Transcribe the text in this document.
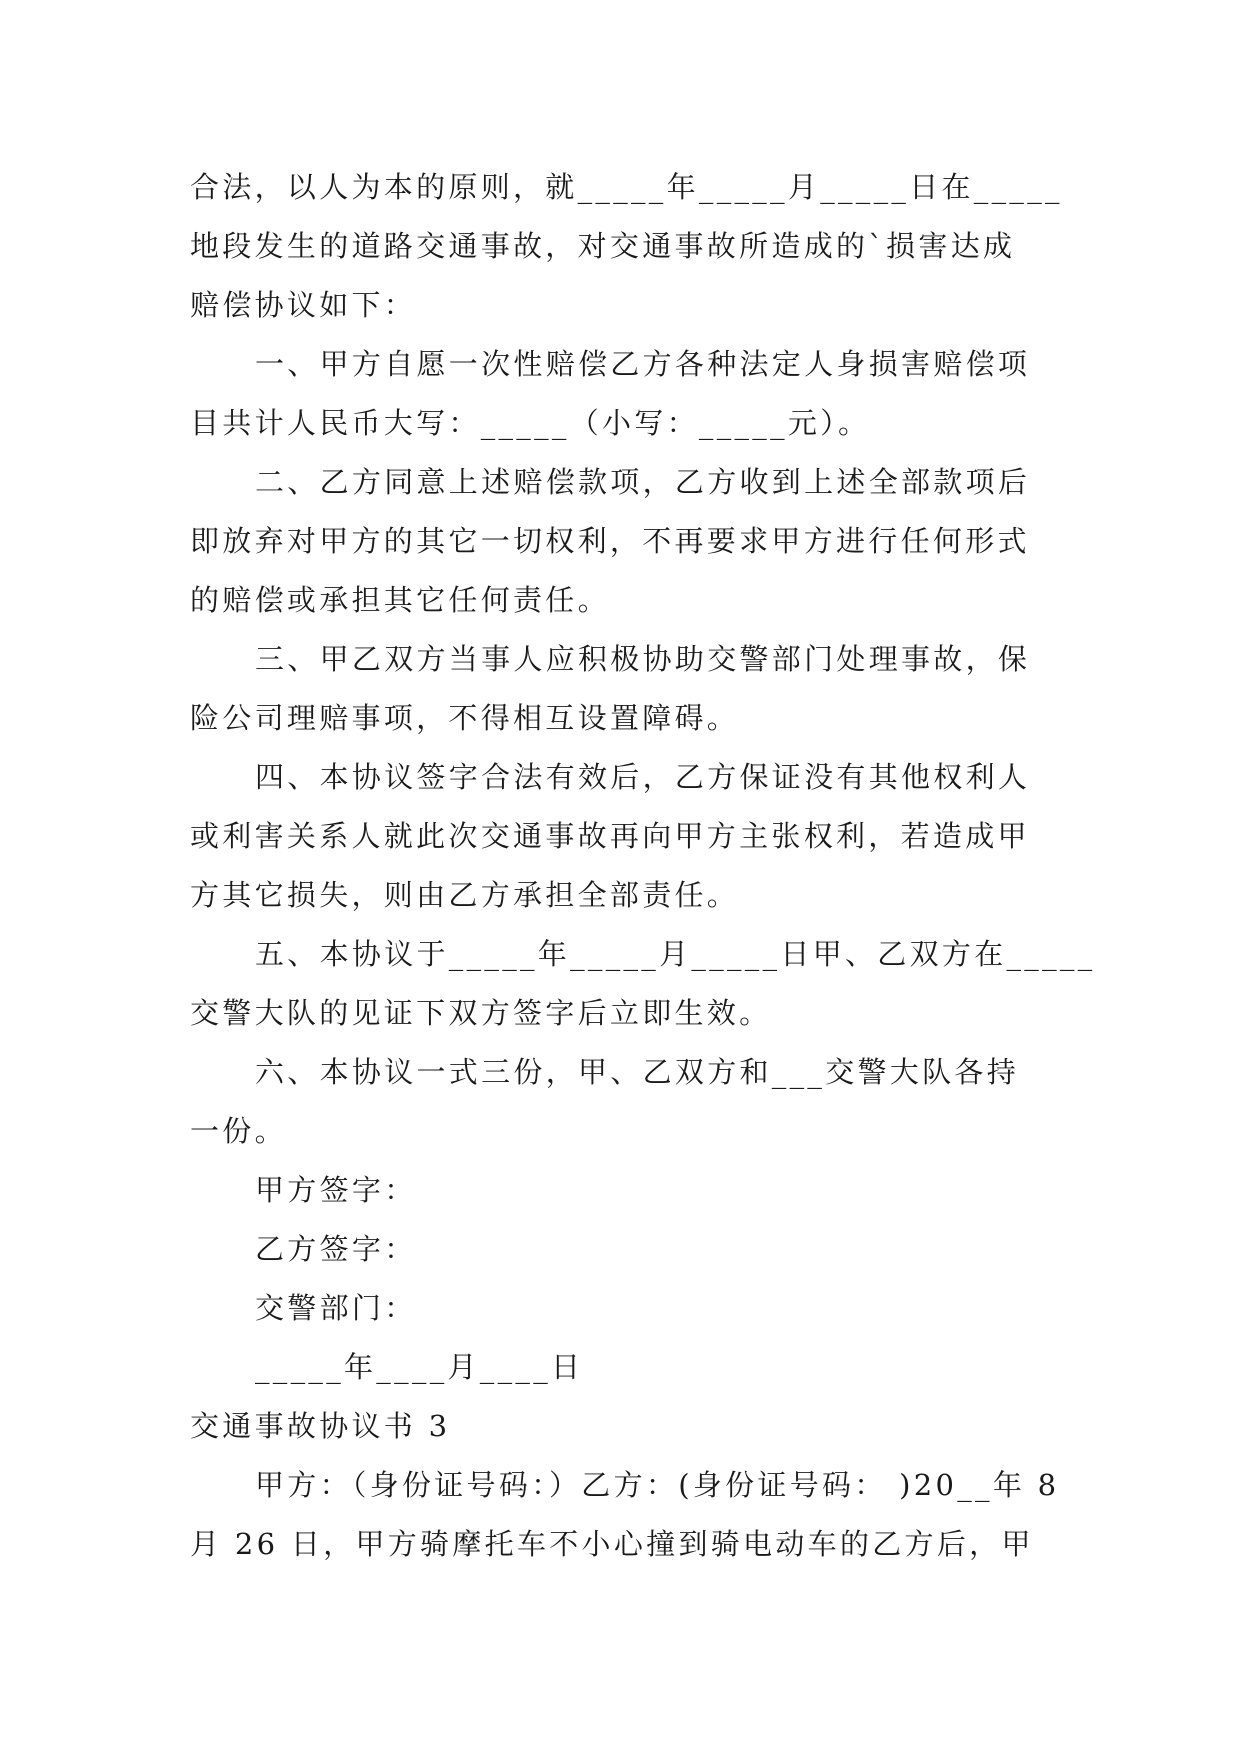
合法，以人为本的原则，就_____年_____月_____日在_____
地段发生的道路交通事故，对交通事故所造成的`损害达成
赔偿协议如下：
一、甲方自愿一次性赔偿乙方各种法定人身损害赔偿项
目共计人民币大写：_____（小写：_____元）。
二、乙方同意上述赔偿款项，乙方收到上述全部款项后
即放弃对甲方的其它一切权利，不再要求甲方进行任何形式
的赔偿或承担其它任何责任。
三、甲乙双方当事人应积极协助交警部门处理事故，保
险公司理赔事项，不得相互设置障碍。
四、本协议签字合法有效后，乙方保证没有其他权利人
或利害关系人就此次交通事故再向甲方主张权利，若造成甲
方其它损失，则由乙方承担全部责任。
五、本协议于_____年_____月_____日甲、乙双方在_____
交警大队的见证下双方签字后立即生效。
六、本协议一式三份，甲、乙双方和___交警大队各持
一份。
甲方签字：
乙方签字：
交警部门：
_____年____月____日
交通事故协议书 3
甲方：（身份证号码：）乙方：(身份证号码： )20__年 8
月 26 日，甲方骑摩托车不小心撞到骑电动车的乙方后，甲
